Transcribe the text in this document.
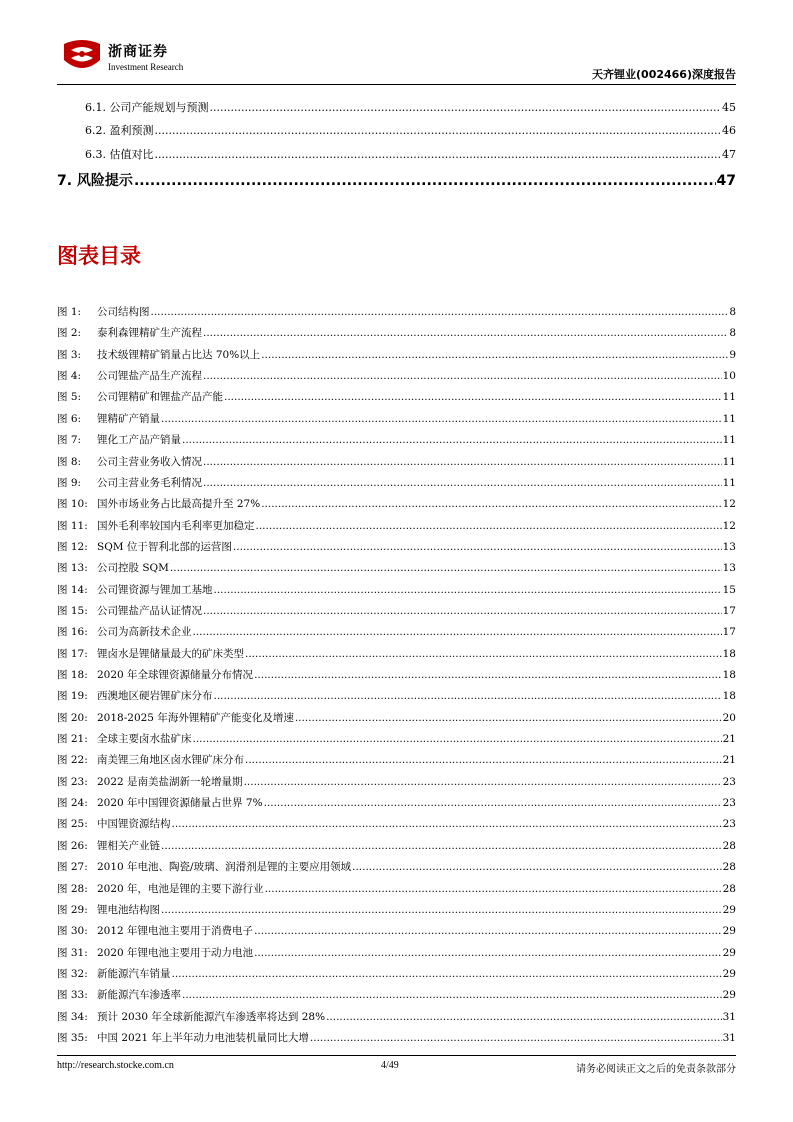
浙商证券
Investment Research
天齐锂业(002466)深度报告
6.1. 公司产能规划与预测 .....	45
6.2. 盈利预测 .....	46
6.3. 估值对比 .....	47
7. 风险提示 .....	47
图表目录
图 1: 公司结构图 .....	8
图 2: 泰利森锂精矿生产流程 .....	8
图 3: 技术级锂精矿销量占比达 70%以上 .....	9
图 4: 公司锂盐产品生产流程 .....	10
图 5: 公司锂精矿和锂盐产品产能 .....	11
图 6: 锂精矿产销量 .....	11
图 7: 锂化工产品产销量 .....	11
图 8: 公司主营业务收入情况 .....	11
图 9: 公司主营业务毛利情况 .....	11
图 10: 国外市场业务占比最高提升至 27% .....	12
图 11: 国外毛利率较国内毛利率更加稳定 .....	12
图 12: SQM 位于智利北部的运营图 .....	13
图 13: 公司控股 SQM .....	13
图 14: 公司锂资源与锂加工基地 .....	15
图 15: 公司锂盐产品认证情况 .....	17
图 16: 公司为高新技术企业 .....	17
图 17: 锂卤水是锂储量最大的矿床类型 .....	18
图 18: 2020 年全球锂资源储量分布情况 .....	18
图 19: 西澳地区硬岩锂矿床分布 .....	18
图 20: 2018-2025 年海外锂精矿产能变化及增速 .....	20
图 21: 全球主要卤水盐矿床 .....	21
图 22: 南美锂三角地区卤水锂矿床分布 .....	21
图 23: 2022 是南美盐湖新一轮增量期 .....	23
图 24: 2020 年中国锂资源储量占世界 7% .....	23
图 25: 中国锂资源结构 .....	23
图 26: 锂相关产业链 .....	28
图 27: 2010 年电池、陶瓷/玻璃、润滑剂是锂的主要应用领域 .....	28
图 28: 2020 年，电池是锂的主要下游行业 .....	28
图 29: 锂电池结构图 .....	29
图 30: 2012 年锂电池主要用于消费电子 .....	29
图 31: 2020 年锂电池主要用于动力电池 .....	29
图 32: 新能源汽车销量 .....	29
图 33: 新能源汽车渗透率 .....	29
图 34: 预计 2030 年全球新能源汽车渗透率将达到 28% .....	31
图 35: 中国 2021 年上半年动力电池装机量同比大增 .....	31
http://research.stocke.com.cn	4/49	请务必阅读正文之后的免责条款部分
